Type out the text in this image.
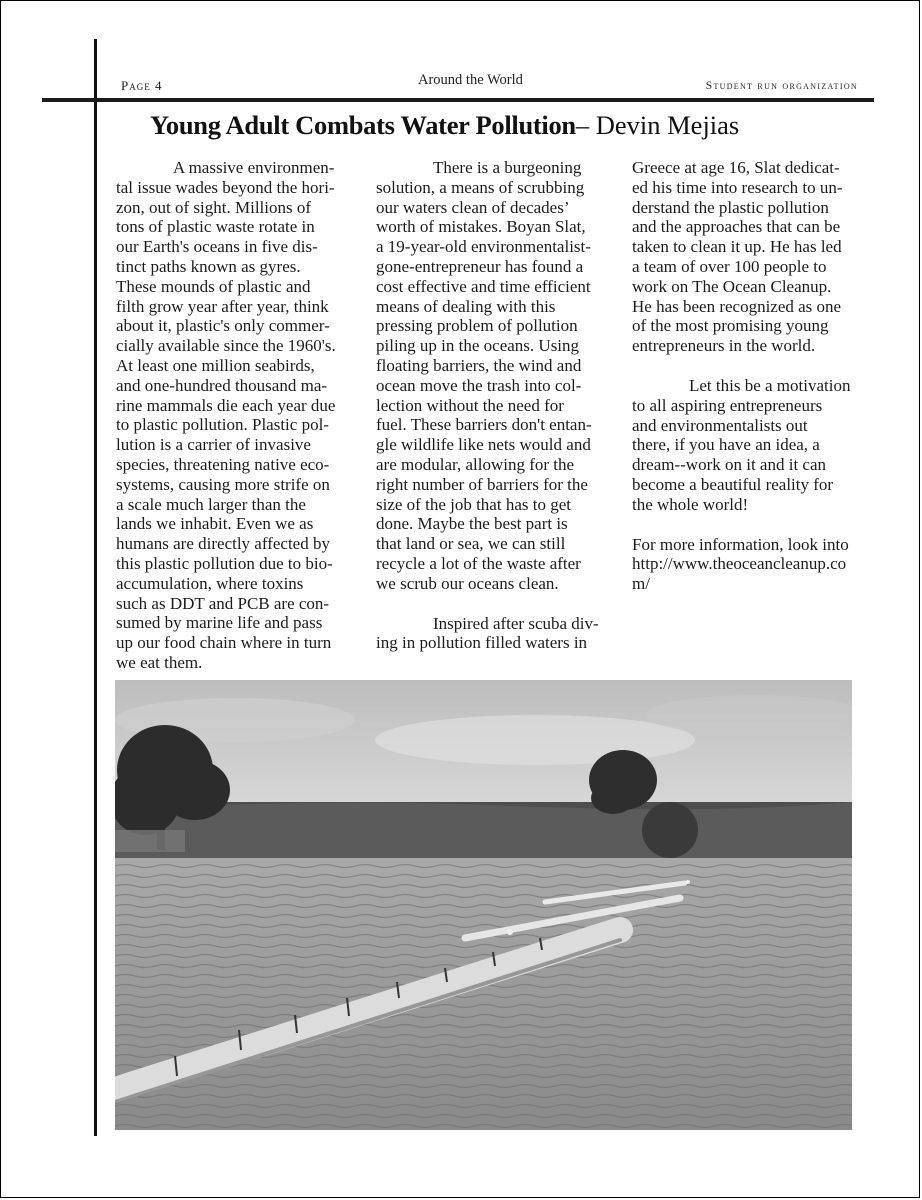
Page 4	Around the World	Student run organization
Young Adult Combats Water Pollution– Devin Mejias

A massive environmen-
tal issue wades beyond the hori-
zon, out of sight. Millions of
tons of plastic waste rotate in
our Earth's oceans in five dis-
tinct paths known as gyres.
These mounds of plastic and
filth grow year after year, think
about it, plastic's only commer-
cially available since the 1960's.
At least one million seabirds,
and one-hundred thousand ma-
rine mammals die each year due
to plastic pollution. Plastic pol-
lution is a carrier of invasive
species, threatening native eco-
systems, causing more strife on
a scale much larger than the
lands we inhabit. Even we as
humans are directly affected by
this plastic pollution due to bio-
accumulation, where toxins
such as DDT and PCB are con-
sumed by marine life and pass
up our food chain where in turn
we eat them.

There is a burgeoning
solution, a means of scrubbing
our waters clean of decades’
worth of mistakes. Boyan Slat,
a 19-year-old environmentalist-
gone-entrepreneur has found a
cost effective and time efficient
means of dealing with this
pressing problem of pollution
piling up in the oceans. Using
floating barriers, the wind and
ocean move the trash into col-
lection without the need for
fuel. These barriers don't entan-
gle wildlife like nets would and
are modular, allowing for the
right number of barriers for the
size of the job that has to get
done. Maybe the best part is
that land or sea, we can still
recycle a lot of the waste after
we scrub our oceans clean.

Inspired after scuba div-
ing in pollution filled waters in

Greece at age 16, Slat dedicat-
ed his time into research to un-
derstand the plastic pollution
and the approaches that can be
taken to clean it up. He has led
a team of over 100 people to
work on The Ocean Cleanup.
He has been recognized as one
of the most promising young
entrepreneurs in the world.

Let this be a motivation
to all aspiring entrepreneurs
and environmentalists out
there, if you have an idea, a
dream--work on it and it can
become a beautiful reality for
the whole world!

For more information, look into
http://www.theoceancleanup.co
m/
